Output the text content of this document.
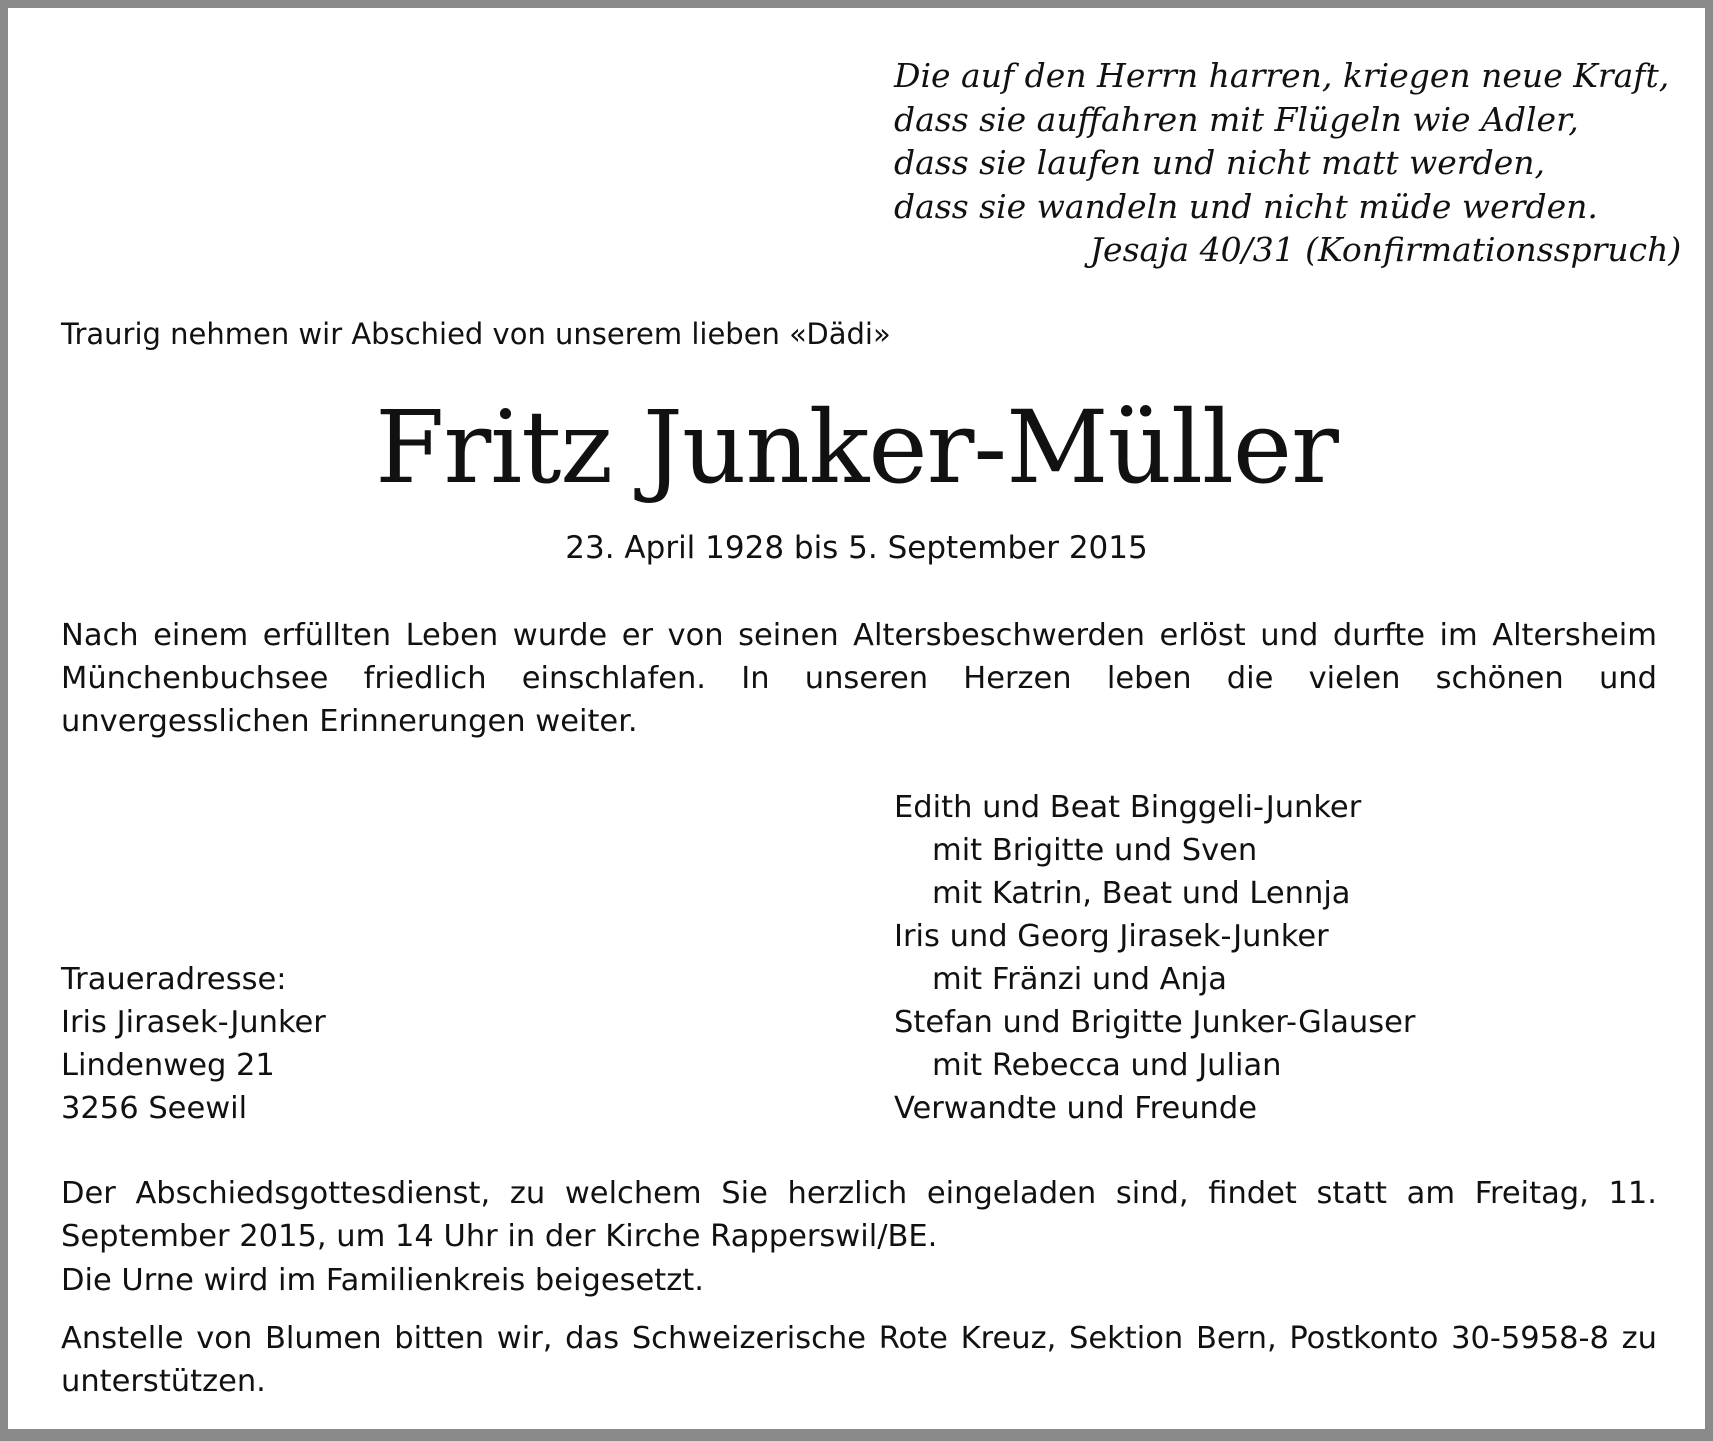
Die auf den Herrn harren, kriegen neue Kraft,
dass sie auffahren mit Flügeln wie Adler,
dass sie laufen und nicht matt werden,
dass sie wandeln und nicht müde werden.
Jesaja 40/31 (Konfirmationsspruch)
Traurig nehmen wir Abschied von unserem lieben «Dädi»
Fritz Junker-Müller
23. April 1928 bis 5. September 2015
Nach einem erfüllten Leben wurde er von seinen Altersbeschwerden erlöst und durfte im Altersheim Münchenbuchsee friedlich einschlafen. In unseren Herzen leben die vielen schönen und unvergesslichen Erinnerungen weiter.
Edith und Beat Binggeli-Junker
mit Brigitte und Sven
mit Katrin, Beat und Lennja
Iris und Georg Jirasek-Junker
mit Fränzi und Anja
Stefan und Brigitte Junker-Glauser
mit Rebecca und Julian
Verwandte und Freunde
Traueradresse:
Iris Jirasek-Junker
Lindenweg 21
3256 Seewil
Der Abschiedsgottesdienst, zu welchem Sie herzlich eingeladen sind, findet statt am Freitag, 11. September 2015, um 14 Uhr in der Kirche Rapperswil/BE.
Die Urne wird im Familienkreis beigesetzt.
Anstelle von Blumen bitten wir, das Schweizerische Rote Kreuz, Sektion Bern, Postkonto 30-5958-8 zu unterstützen.
